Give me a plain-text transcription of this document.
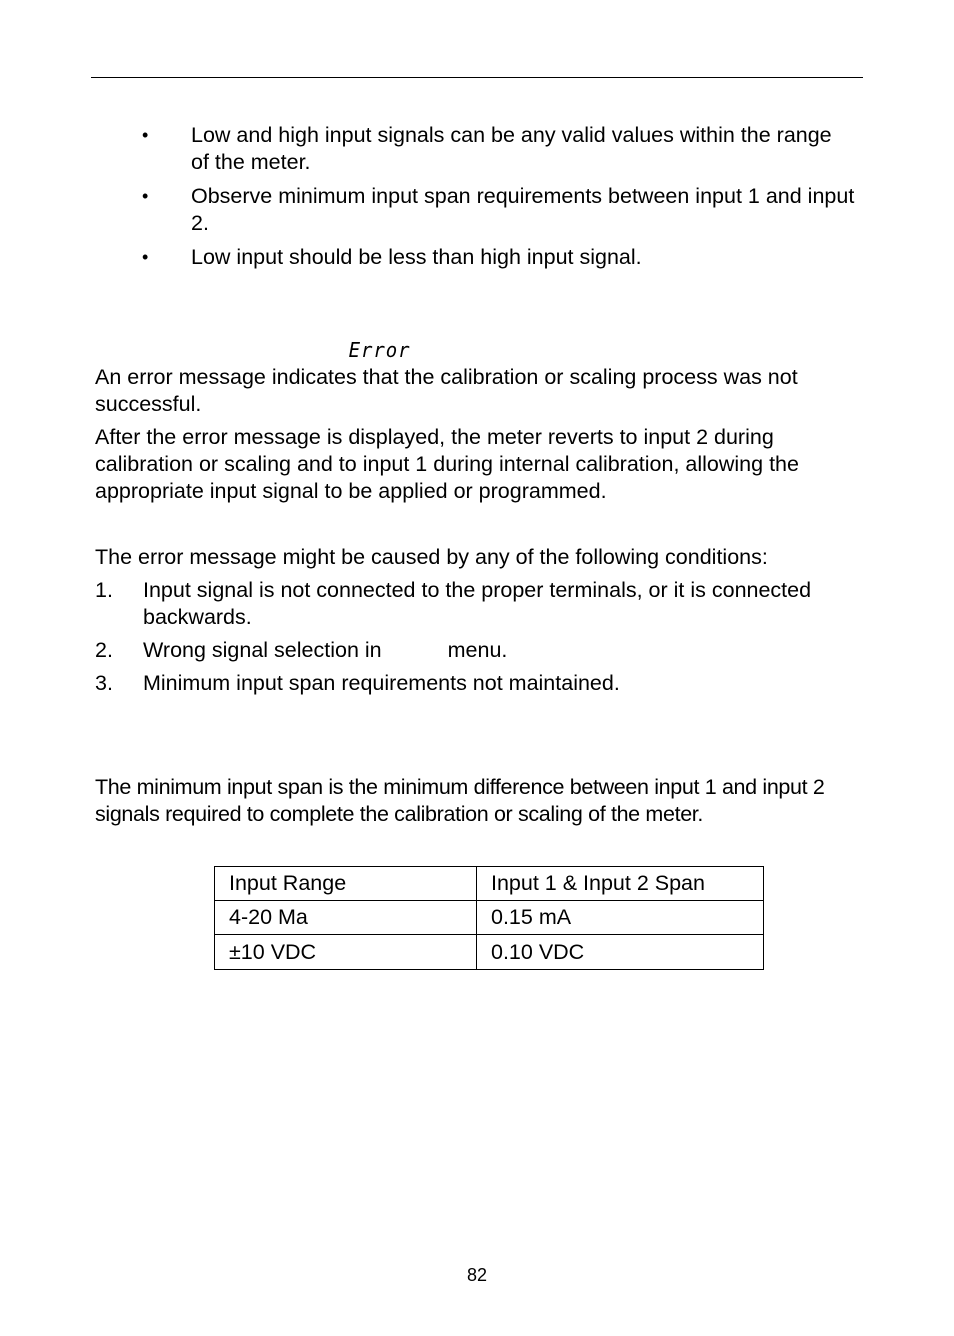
• Low and high input signals can be any valid values within the range of the meter.
• Observe minimum input span requirements between input 1 and input 2.
• Low input should be less than high input signal.
Error

An error message indicates that the calibration or scaling process was not successful.

After the error message is displayed, the meter reverts to input 2 during calibration or scaling and to input 1 during internal calibration, allowing the appropriate input signal to be applied or programmed.

The error message might be caused by any of the following conditions:

1. Input signal is not connected to the proper terminals, or it is connected backwards.
2. Wrong signal selection in	menu.
3. Minimum input span requirements not maintained.

The minimum input span is the minimum difference between input 1 and input 2 signals required to complete the calibration or scaling of the meter.

Input Range	Input 1 & Input 2 Span
4-20 Ma	0.15 mA
±10 VDC	0.10 VDC
82
